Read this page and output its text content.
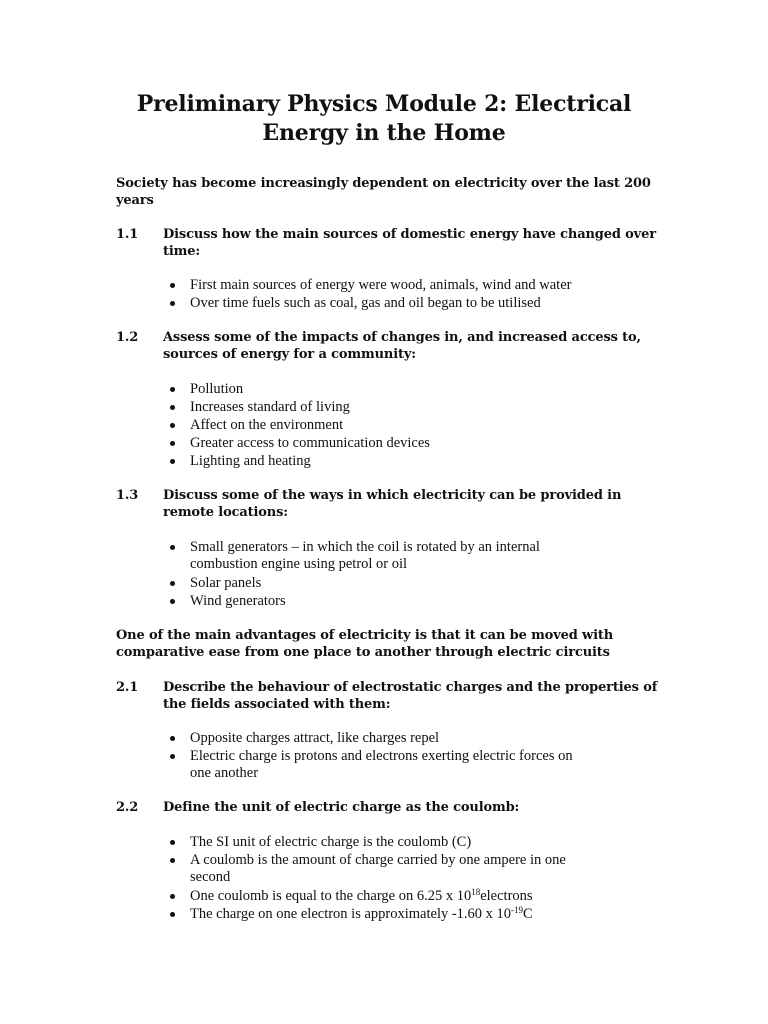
Preliminary Physics Module 2: Electrical
Energy in the Home
Society has become increasingly dependent on electricity over the last 200
years
1.1 Discuss how the main sources of domestic energy have changed over
time:
First main sources of energy were wood, animals, wind and water
Over time fuels such as coal, gas and oil began to be utilised
1.2 Assess some of the impacts of changes in, and increased access to,
sources of energy for a community:
Pollution
Increases standard of living
Affect on the environment
Greater access to communication devices
Lighting and heating
1.3 Discuss some of the ways in which electricity can be provided in
remote locations:
Small generators – in which the coil is rotated by an internal
combustion engine using petrol or oil
Solar panels
Wind generators
One of the main advantages of electricity is that it can be moved with
comparative ease from one place to another through electric circuits
2.1 Describe the behaviour of electrostatic charges and the properties of
the fields associated with them:
Opposite charges attract, like charges repel
Electric charge is protons and electrons exerting electric forces on
one another
2.2 Define the unit of electric charge as the coulomb:
The SI unit of electric charge is the coulomb (C)
A coulomb is the amount of charge carried by one ampere in one
second
One coulomb is equal to the charge on 6.25 x $10^{18}electrons$
The charge on one electron is approximately -1.60 x $10^{-19}C$
